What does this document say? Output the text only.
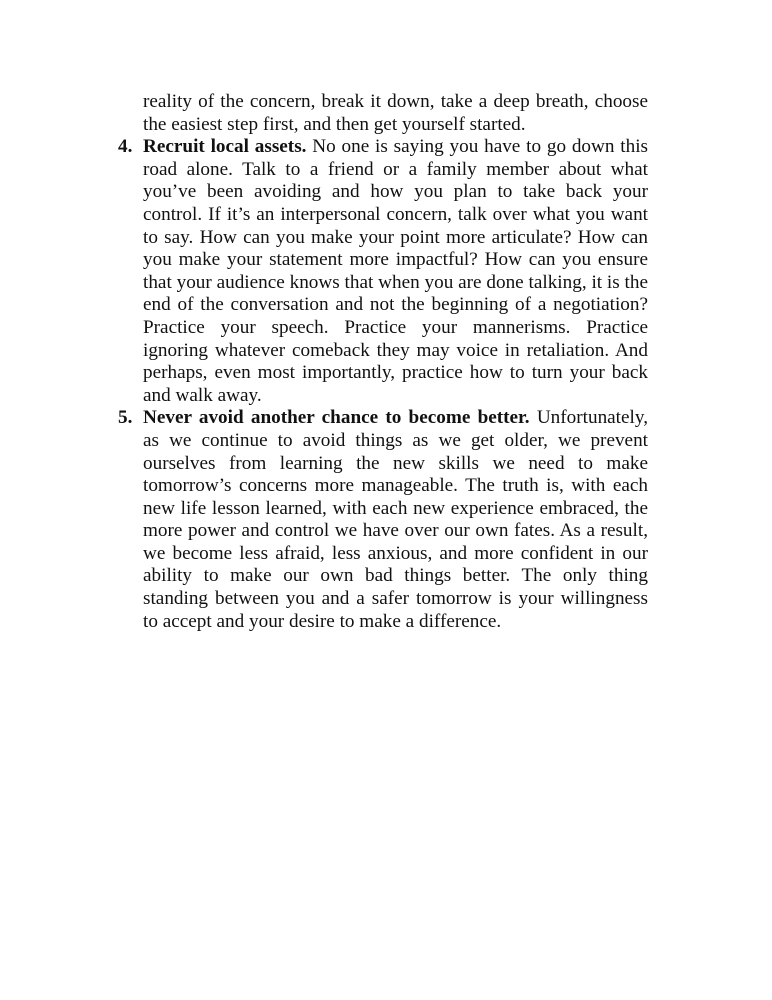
reality of the concern, break it down, take a deep breath, choose the easiest step first, and then get yourself started.

4. Recruit local assets. No one is saying you have to go down this road alone. Talk to a friend or a family member about what you’ve been avoiding and how you plan to take back your control. If it’s an interpersonal concern, talk over what you want to say. How can you make your point more articulate? How can you make your statement more impactful? How can you ensure that your audience knows that when you are done talking, it is the end of the conversation and not the beginning of a negotiation? Practice your speech. Practice your mannerisms. Practice ignoring whatever comeback they may voice in retaliation. And perhaps, even most importantly, practice how to turn your back and walk away.

5. Never avoid another chance to become better. Unfortunately, as we continue to avoid things as we get older, we prevent ourselves from learning the new skills we need to make tomorrow’s concerns more manageable. The truth is, with each new life lesson learned, with each new experience embraced, the more power and control we have over our own fates. As a result, we become less afraid, less anxious, and more confident in our ability to make our own bad things better. The only thing standing between you and a safer tomorrow is your willingness to accept and your desire to make a difference.
